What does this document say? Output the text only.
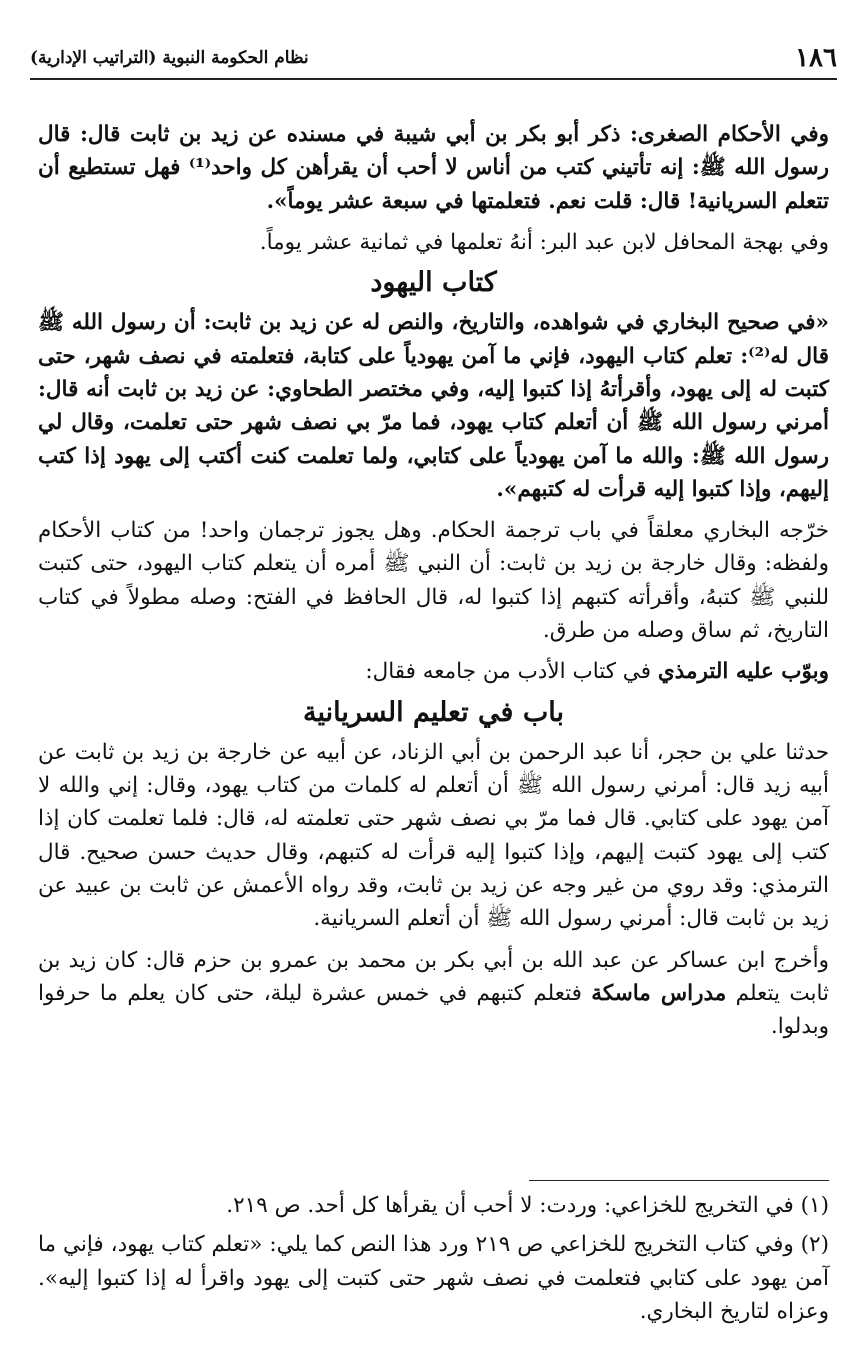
١٨٦
نظام الحكومة النبوية (التراتيب الإدارية)

وفي الأحكام الصغرى: ذكر أبو بكر بن أبي شيبة في مسنده عن زيد بن ثابت قال: قال رسول الله ﷺ: إنه تأتيني كتب من أناس لا أحب أن يقرأهن كل واحد⁽¹⁾ فهل تستطيع أن تتعلم السريانية! قال: قلت نعم. فتعلمتها في سبعة عشر يوماً».

وفي بهجة المحافل لابن عبد البر: أنهُ تعلمها في ثمانية عشر يوماً.

كتاب اليهود

«في صحيح البخاري في شواهده، والتاريخ، والنص له عن زيد بن ثابت: أن رسول الله ﷺ قال له⁽²⁾: تعلم كتاب اليهود، فإني ما آمن يهودياً على كتابة، فتعلمته في نصف شهر، حتى كتبت له إلى يهود، وأقرأتهُ إذا كتبوا إليه، وفي مختصر الطحاوي: عن زيد بن ثابت أنه قال: أمرني رسول الله ﷺ أن أتعلم كتاب يهود، فما مرّ بي نصف شهر حتى تعلمت، وقال لي رسول الله ﷺ: والله ما آمن يهودياً على كتابي، ولما تعلمت كنت أكتب إلى يهود إذا كتب إليهم، وإذا كتبوا إليه قرأت له كتبهم».

خرّجه البخاري معلقاً في باب ترجمة الحكام. وهل يجوز ترجمان واحد! من كتاب الأحكام ولفظه: وقال خارجة بن زيد بن ثابت: أن النبي ﷺ أمره أن يتعلم كتاب اليهود، حتى كتبت للنبي ﷺ كتبهُ، وأقرأته كتبهم إذا كتبوا له، قال الحافظ في الفتح: وصله مطولاً في كتاب التاريخ، ثم ساق وصله من طرق.

وبوّب عليه الترمذي في كتاب الأدب من جامعه فقال:

باب في تعليم السريانية

حدثنا علي بن حجر، أنا عبد الرحمن بن أبي الزناد، عن أبيه عن خارجة بن زيد بن ثابت عن أبيه زيد قال: أمرني رسول الله ﷺ أن أتعلم له كلمات من كتاب يهود، وقال: إني والله لا آمن يهود على كتابي. قال فما مرّ بي نصف شهر حتى تعلمته له، قال: فلما تعلمت كان إذا كتب إلى يهود كتبت إليهم، وإذا كتبوا إليه قرأت له كتبهم، وقال حديث حسن صحيح. قال الترمذي: وقد روي من غير وجه عن زيد بن ثابت، وقد رواه الأعمش عن ثابت بن عبيد عن زيد بن ثابت قال: أمرني رسول الله ﷺ أن أتعلم السريانية.

وأخرج ابن عساكر عن عبد الله بن أبي بكر بن محمد بن عمرو بن حزم قال: كان زيد بن ثابت يتعلم مدراس ماسكة فتعلم كتبهم في خمس عشرة ليلة، حتى كان يعلم ما حرفوا وبدلوا.

(١) في التخريج للخزاعي: وردت: لا أحب أن يقرأها كل أحد. ص ٢١٩.

(٢) وفي كتاب التخريج للخزاعي ص ٢١٩ ورد هذا النص كما يلي: «تعلم كتاب يهود، فإني ما آمن يهود على كتابي فتعلمت في نصف شهر حتى كتبت إلى يهود واقرأ له إذا كتبوا إليه». وعزاه لتاريخ البخاري.
